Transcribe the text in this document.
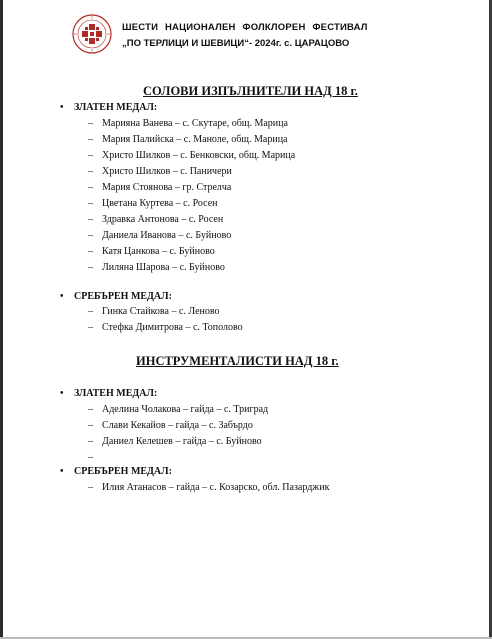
ШЕСТИ НАЦИОНАЛЕН ФОЛКЛОРЕН ФЕСТИВАЛ
„ПО ТЕРЛИЦИ И ШЕВИЦИ“- 2024г. с. ЦАРАЦОВО
СОЛОВИ ИЗПЪЛНИТЕЛИ НАД 18 г.
• ЗЛАТЕН МЕДАЛ:
– Марияна Ванева – с. Скутаре, общ. Марица
– Мария Палийска – с. Маноле, общ. Марица
– Христо Шилков – с. Бенковски, общ. Марица
– Христо Шилков – с. Паничери
– Мария Стоянова – гр. Стрелча
– Цветана Куртева – с. Росен
– Здравка Антонова – с. Росен
– Даниела Иванова – с. Буйново
– Катя Цанкова – с. Буйново
– Лиляна Шарова – с. Буйново
• СРЕБЪРЕН МЕДАЛ:
– Гинка Стайкова – с. Леново
– Стефка Димитрова – с. Тополово
ИНСТРУМЕНТАЛИСТИ НАД 18 г.
• ЗЛАТЕН МЕДАЛ:
– Аделина Чолакова – гайда – с. Триград
– Слави Кекайов – гайда – с. Забърдо
– Даниел Келешев – гайда – с. Буйново
–
• СРЕБЪРЕН МЕДАЛ:
– Илия Атанасов – гайда – с. Козарско, обл. Пазарджик
